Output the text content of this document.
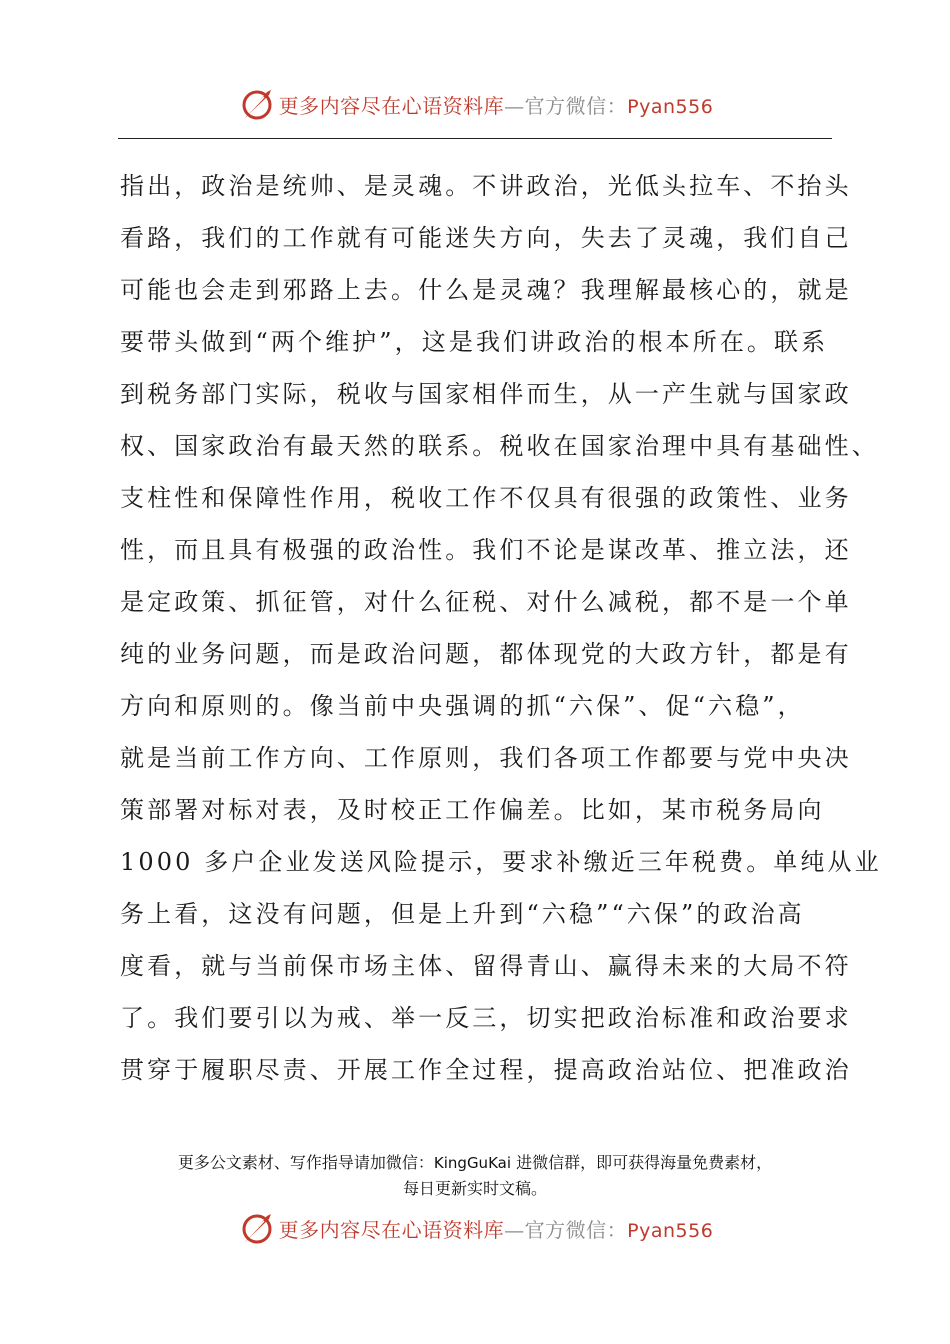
更多内容尽在心语资料库—官方微信：Pyan556
指出，政治是统帅、是灵魂。不讲政治，光低头拉车、不抬头
看路，我们的工作就有可能迷失方向，失去了灵魂，我们自己
可能也会走到邪路上去。什么是灵魂？我理解最核心的，就是
要带头做到“两个维护”，这是我们讲政治的根本所在。联系
到税务部门实际，税收与国家相伴而生，从一产生就与国家政
权、国家政治有最天然的联系。税收在国家治理中具有基础性、
支柱性和保障性作用，税收工作不仅具有很强的政策性、业务
性，而且具有极强的政治性。我们不论是谋改革、推立法，还
是定政策、抓征管，对什么征税、对什么减税，都不是一个单
纯的业务问题，而是政治问题，都体现党的大政方针，都是有
方向和原则的。像当前中央强调的抓“六保”、促“六稳”，
就是当前工作方向、工作原则，我们各项工作都要与党中央决
策部署对标对表，及时校正工作偏差。比如，某市税务局向
1000 多户企业发送风险提示，要求补缴近三年税费。单纯从业
务上看，这没有问题，但是上升到“六稳”“六保”的政治高
度看，就与当前保市场主体、留得青山、赢得未来的大局不符
了。我们要引以为戒、举一反三，切实把政治标准和政治要求
贯穿于履职尽责、开展工作全过程，提高政治站位、把准政治
更多公文素材、写作指导请加微信：KingGuKai 进微信群，即可获得海量免费素材，
每日更新实时文稿。
更多内容尽在心语资料库—官方微信：Pyan556
